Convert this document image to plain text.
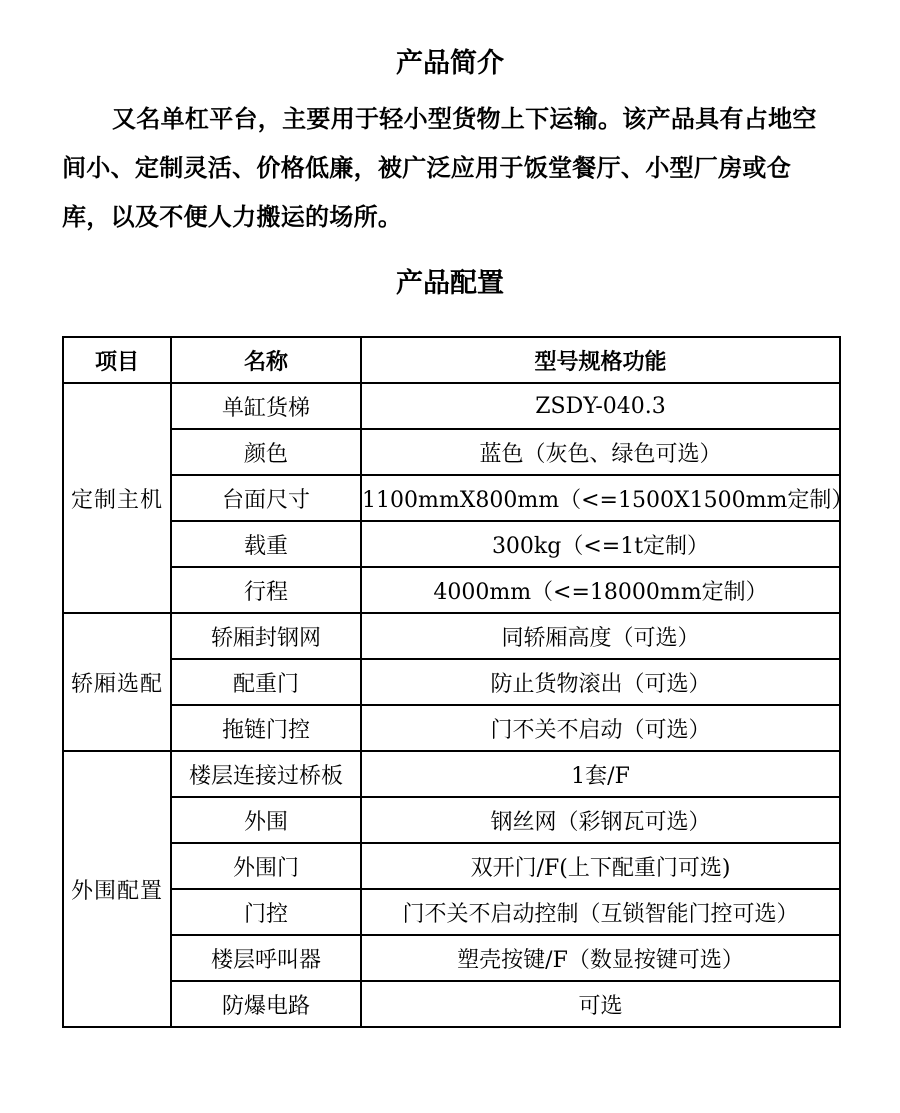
产品简介

又名单杠平台，主要用于轻小型货物上下运输。该产品具有占地空间小、定制灵活、价格低廉，被广泛应用于饭堂餐厅、小型厂房或仓库，以及不便人力搬运的场所。

产品配置
项目	名称	型号规格功能
定制主机	单缸货梯	ZSDY-040.3
	颜色	蓝色（灰色、绿色可选）
	台面尺寸	1100mmX800mm（<=1500X1500mm定制）
	载重	300kg（<=1t定制）
	行程	4000mm（<=18000mm定制）
轿厢选配	轿厢封钢网	同轿厢高度（可选）
	配重门	防止货物滚出（可选）
	拖链门控	门不关不启动（可选）
外围配置	楼层连接过桥板	1套/F
	外围	钢丝网（彩钢瓦可选）
	外围门	双开门/F(上下配重门可选)
	门控	门不关不启动控制（互锁智能门控可选）
	楼层呼叫器	塑壳按键/F（数显按键可选）
	防爆电路	可选
